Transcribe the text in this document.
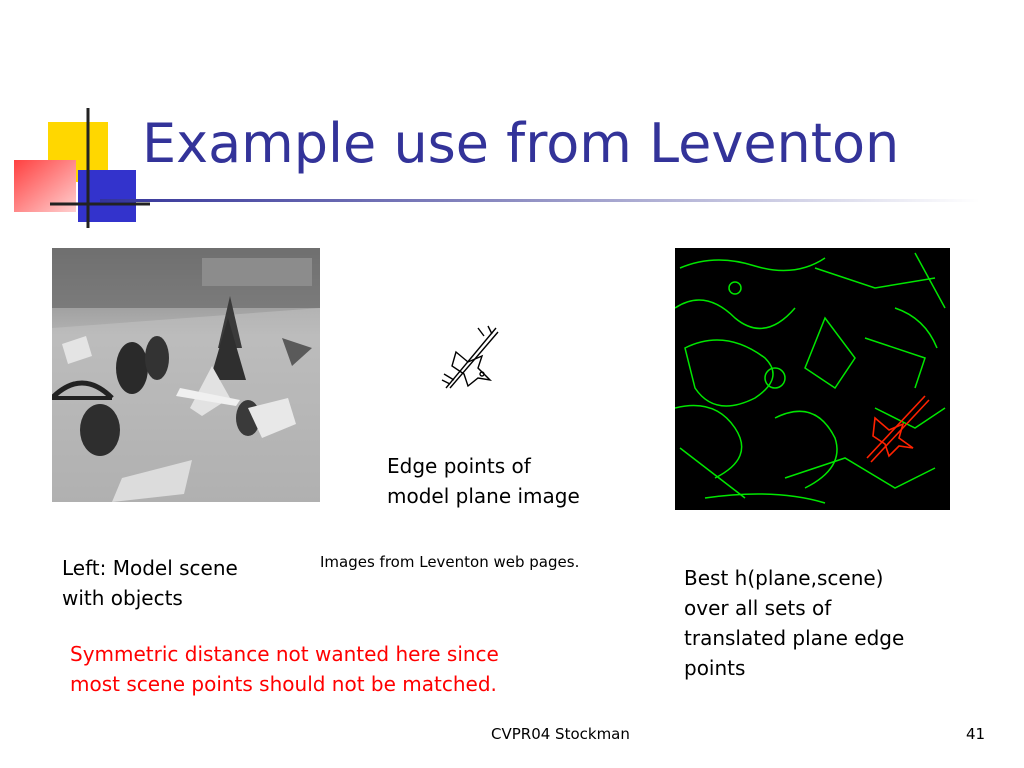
Example use from Leventon
Edge points of
model plane image
Left: Model scene
with objects
Images from Leventon web pages.
Best h(plane,scene)
over all sets of
translated plane edge
points
Symmetric distance not wanted here since
most scene points should not be matched.
CVPR04 Stockman	41
